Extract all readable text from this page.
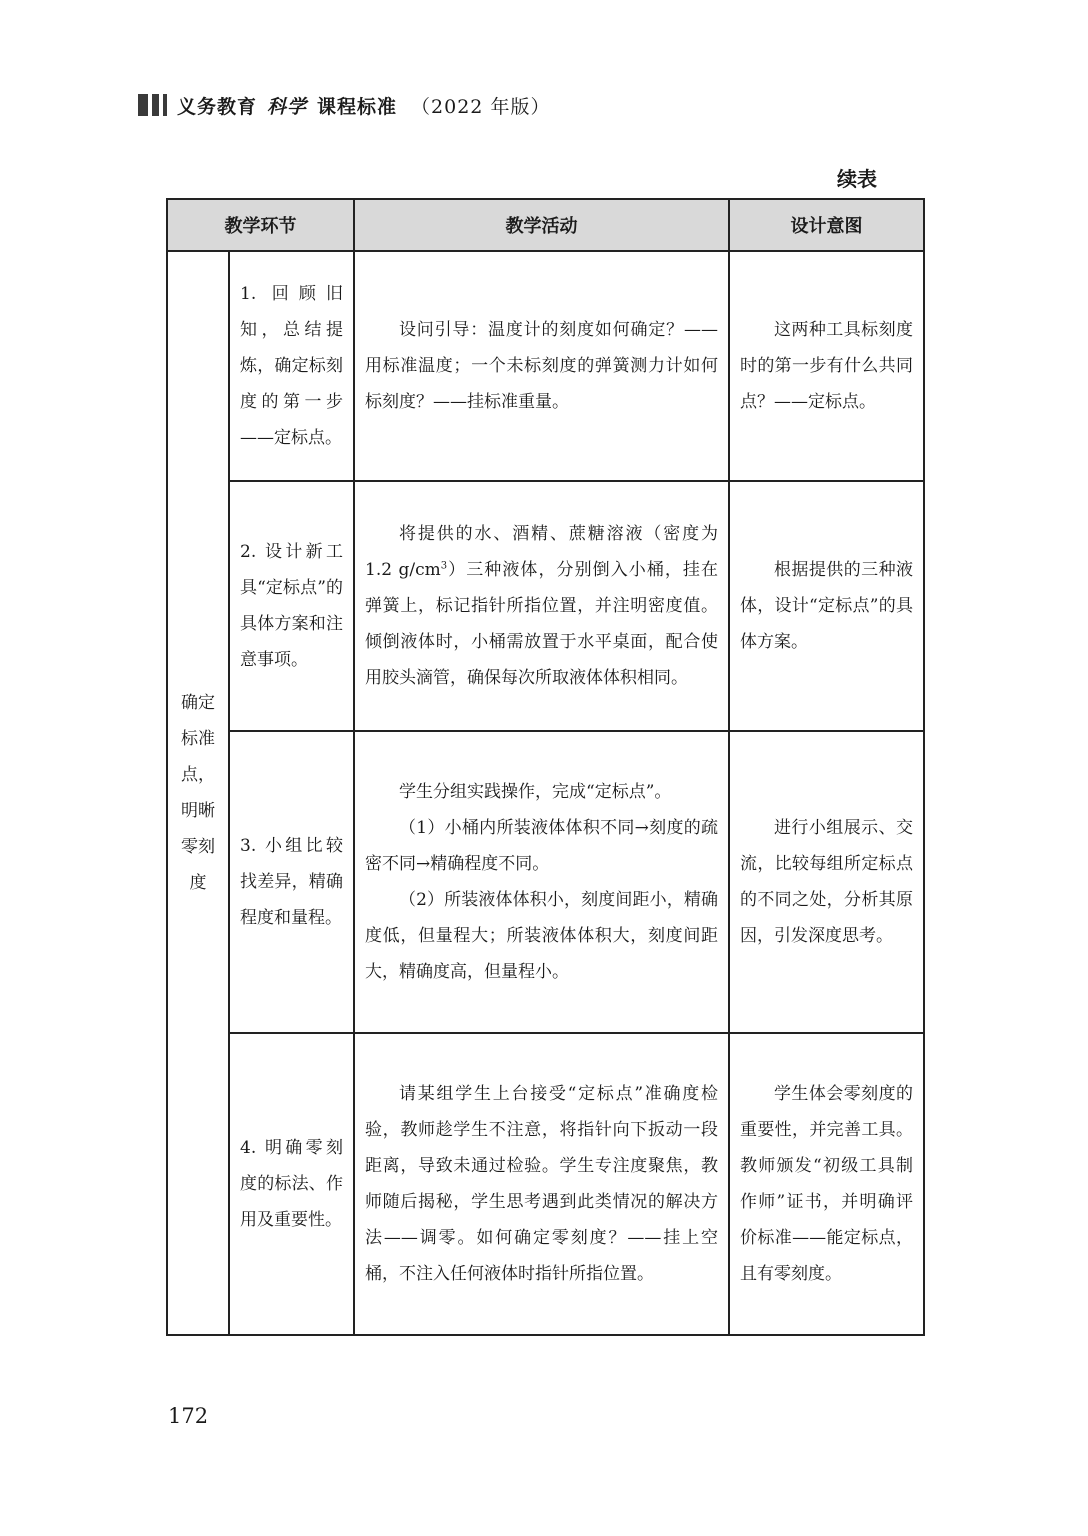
义务教育 科学 课程标准 （2022 年版）
续表
教学环节		教学活动	设计意图

确定标准点，明晰零刻度	1. 回顾旧知，总结提炼，确定标刻度的第一步——定标点。	设问引导：温度计的刻度如何确定？——用标准温度；一个未标刻度的弹簧测力计如何标刻度？——挂标准重量。	这两种工具标刻度时的第一步有什么共同点？——定标点。

	2. 设计新工具“定标点”的具体方案和注意事项。	将提供的水、酒精、蔗糖溶液（密度为 1.2 $g/cm^3$）三种液体，分别倒入小桶，挂在弹簧上，标记指针所指位置，并注明密度值。倾倒液体时，小桶需放置于水平桌面，配合使用胶头滴管，确保每次所取液体体积相同。	根据提供的三种液体，设计“定标点”的具体方案。

	3. 小组比较找差异，精确程度和量程。	学生分组实践操作，完成“定标点”。

（1）小桶内所装液体体积不同→刻度的疏密不同→精确程度不同。

（2）所装液体体积小，刻度间距小，精确度低，但量程大；所装液体体积大，刻度间距大，精确度高，但量程小。	进行小组展示、交流，比较每组所定标点的不同之处，分析其原因，引发深度思考。

	4. 明确零刻度的标法、作用及重要性。	请某组学生上台接受“定标点”准确度检验，教师趁学生不注意，将指针向下扳动一段距离，导致未通过检验。学生专注度聚焦，教师随后揭秘，学生思考遇到此类情况的解决方法——调零。如何确定零刻度？——挂上空桶，不注入任何液体时指针所指位置。	学生体会零刻度的重要性，并完善工具。教师颁发“初级工具制作师”证书，并明确评价标准——能定标点，且有零刻度。

172
